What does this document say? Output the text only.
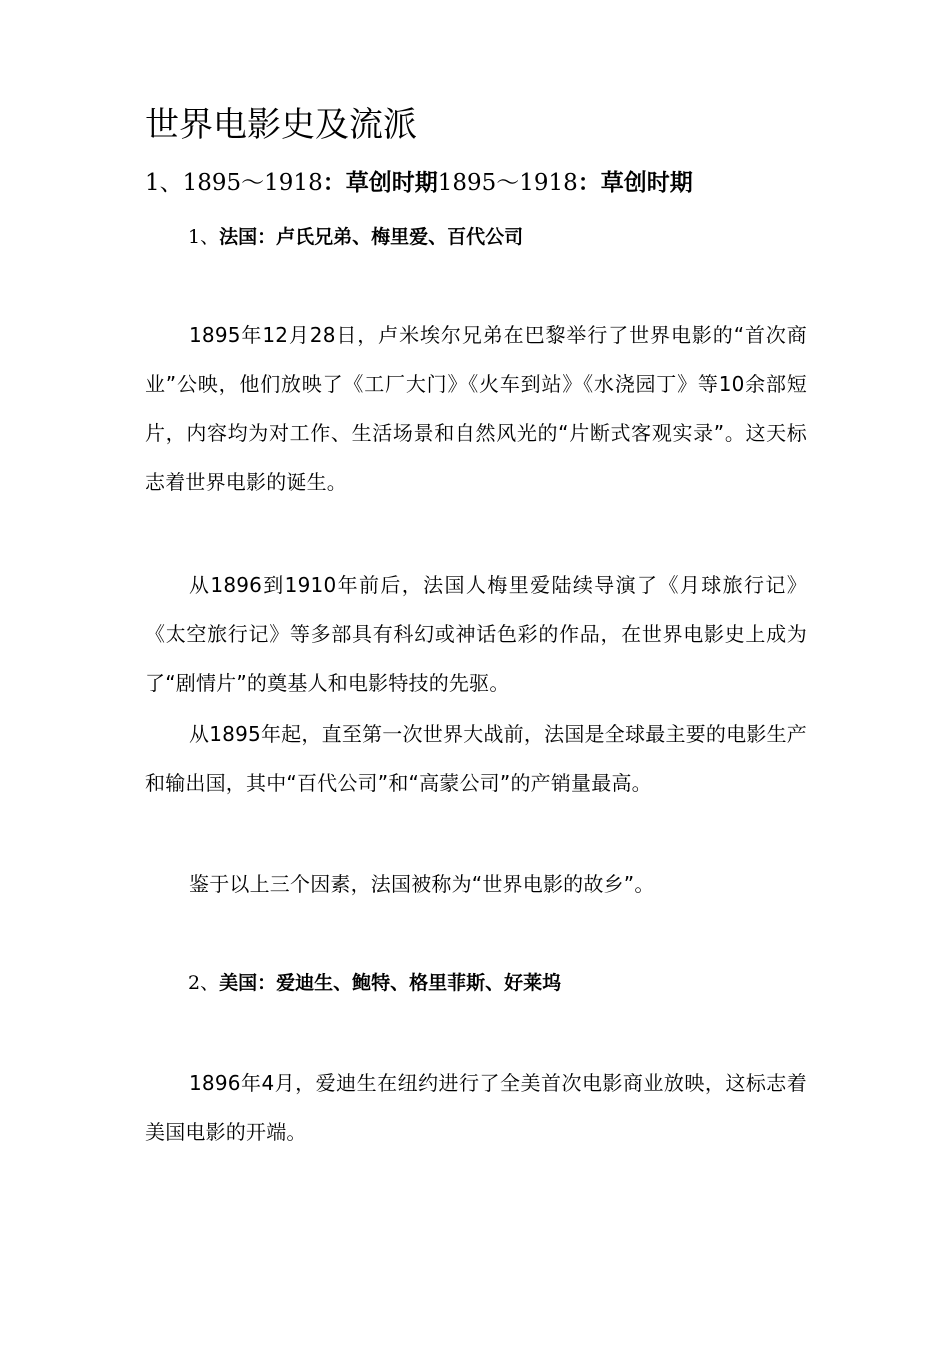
世界电影史及流派
1、1895～1918：草创时期1895～1918：草创时期
1、法国：卢氏兄弟、梅里爱、百代公司

1895年12月28日，卢米埃尔兄弟在巴黎举行了世界电影的“首次商业”公映，他们放映了《工厂大门》《火车到站》《水浇园丁》等10余部短片，内容均为对工作、生活场景和自然风光的“片断式客观实录”。这天标志着世界电影的诞生。

从1896到1910年前后，法国人梅里爱陆续导演了《月球旅行记》《太空旅行记》等多部具有科幻或神话色彩的作品，在世界电影史上成为了“剧情片”的奠基人和电影特技的先驱。

从1895年起，直至第一次世界大战前，法国是全球最主要的电影生产和输出国，其中“百代公司”和“高蒙公司”的产销量最高。

鉴于以上三个因素，法国被称为“世界电影的故乡”。

2、美国：爱迪生、鲍特、格里菲斯、好莱坞

1896年4月，爱迪生在纽约进行了全美首次电影商业放映，这标志着美国电影的开端。
